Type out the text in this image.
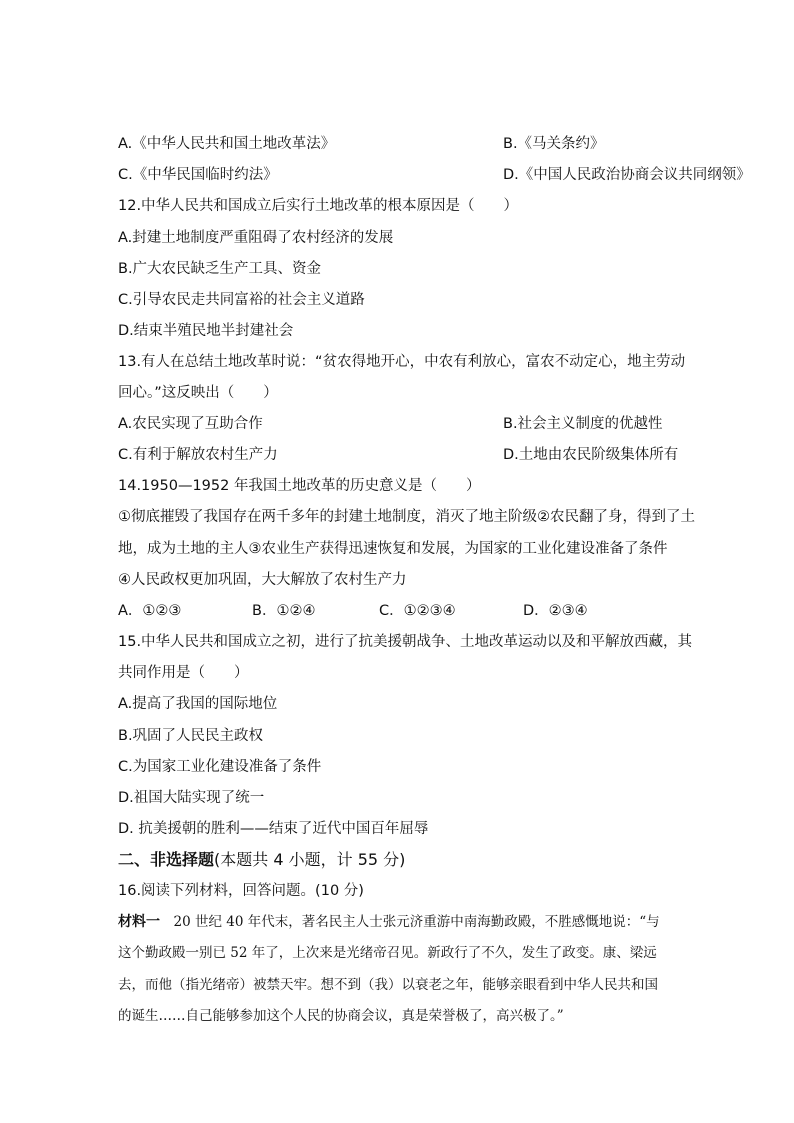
A.《中华人民共和国土地改革法》	B.《马关条约》
C.《中华民国临时约法》	D.《中国人民政治协商会议共同纲领》
12.中华人民共和国成立后实行土地改革的根本原因是（　　）
A.封建土地制度严重阻碍了农村经济的发展
B.广大农民缺乏生产工具、资金
C.引导农民走共同富裕的社会主义道路
D.结束半殖民地半封建社会
13.有人在总结土地改革时说：“贫农得地开心，中农有利放心，富农不动定心，地主劳动
回心。”这反映出（　　）
A.农民实现了互助合作	B.社会主义制度的优越性
C.有利于解放农村生产力	D.土地由农民阶级集体所有
14.1950—1952 年我国土地改革的历史意义是（　　）
①彻底摧毁了我国存在两千多年的封建土地制度，消灭了地主阶级②农民翻了身，得到了土
地，成为土地的主人③农业生产获得迅速恢复和发展，为国家的工业化建设准备了条件
④人民政权更加巩固，大大解放了农村生产力
A．①②③	B．①②④	C．①②③④	D．②③④
15.中华人民共和国成立之初，进行了抗美援朝战争、土地改革运动以及和平解放西藏，其
共同作用是（　　）
A.提高了我国的国际地位
B.巩固了人民民主政权
C.为国家工业化建设准备了条件
D.祖国大陆实现了统一
D. 抗美援朝的胜利——结束了近代中国百年屈辱
二、非选择题(本题共 4 小题，计 55 分)
16.阅读下列材料，回答问题。(10 分)
材料一　20 世纪 40 年代末，著名民主人士张元济重游中南海勤政殿，不胜感慨地说：“与
这个勤政殿一别已 52 年了，上次来是光绪帝召见。新政行了不久，发生了政变。康、梁远
去，而他（指光绪帝）被禁天牢。想不到（我）以衰老之年，能够亲眼看到中华人民共和国
的诞生……自己能够参加这个人民的协商会议，真是荣誉极了，高兴极了。”
